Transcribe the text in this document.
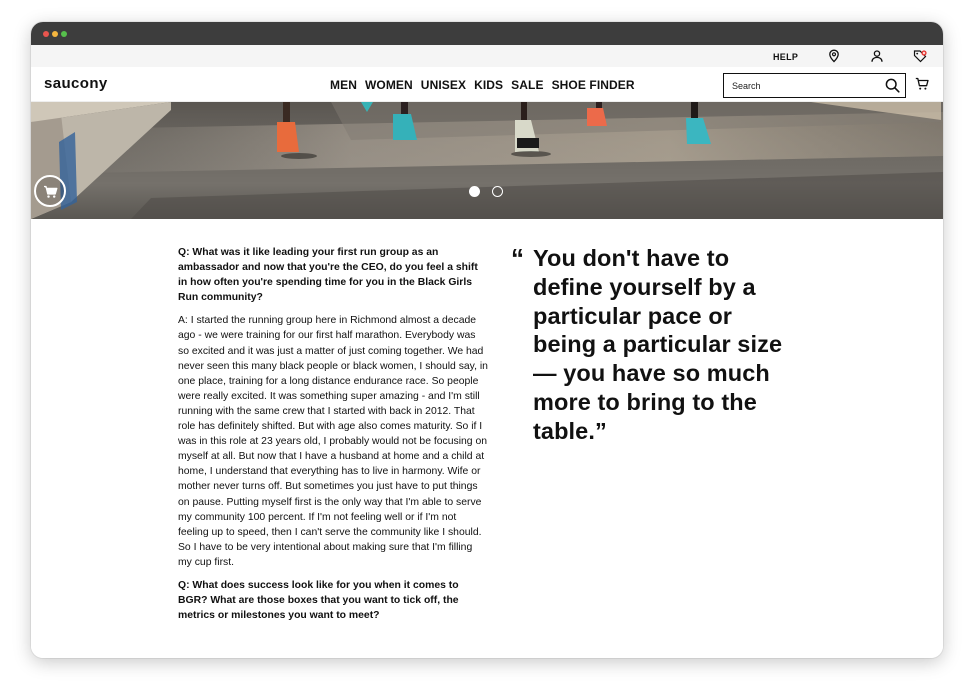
HELP
saucony	MEN WOMEN UNISEX KIDS SALE SHOE FINDER
Search

Q: What was it like leading your first run group as an ambassador and now that you're the CEO, do you feel a shift in how often you're spending time for you in the Black Girls Run community?

A: I started the running group here in Richmond almost a decade ago - we were training for our first half marathon. Everybody was so excited and it was just a matter of just coming together. We had never seen this many black people or black women, I should say, in one place, training for a long distance endurance race. So people were really excited. It was something super amazing - and I'm still running with the same crew that I started with back in 2012. That role has definitely shifted. But with age also comes maturity. So if I was in this role at 23 years old, I probably would not be focusing on myself at all. But now that I have a husband at home and a child at home, I understand that everything has to live in harmony. Wife or mother never turns off. But sometimes you just have to put things on pause. Putting myself first is the only way that I'm able to serve my community 100 percent. If I'm not feeling well or if I'm not feeling up to speed, then I can't serve the community like I should. So I have to be very intentional about making sure that I'm filling my cup first.

Q: What does success look like for you when it comes to BGR? What are those boxes that you want to tick off, the metrics or milestones you want to meet?

“ You don't have to define yourself by a particular pace or being a particular size — you have so much more to bring to the table.”
